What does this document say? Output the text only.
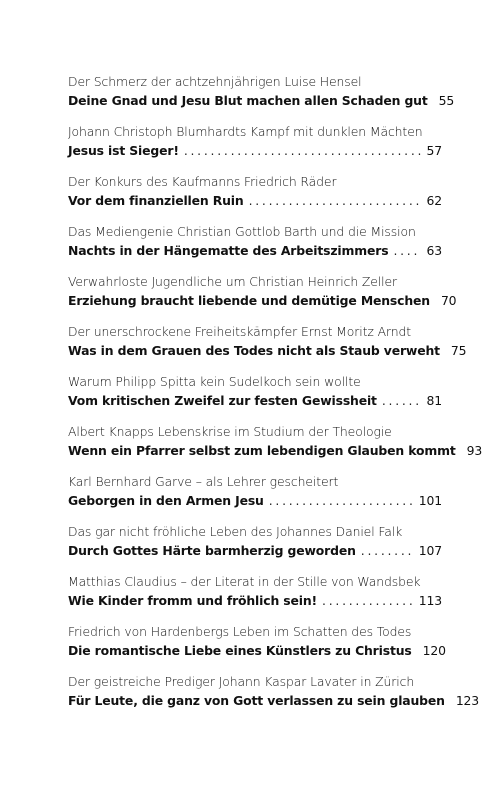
Der Schmerz der achtzehnjährigen Luise Hensel
Deine Gnad und Jesu Blut machen allen Schaden gut 55
Johann Christoph Blumhardts Kampf mit dunklen Mächten
Jesus ist Sieger! . . .	57
Der Konkurs des Kaufmanns Friedrich Räder
Vor dem finanziellen Ruin . . .	62
Das Mediengenie Christian Gottlob Barth und die Mission
Nachts in der Hängematte des Arbeitszimmers . . .	63
Verwahrloste Jugendliche um Christian Heinrich Zeller
Erziehung braucht liebende und demütige Menschen 70
Der unerschrockene Freiheitskämpfer Ernst Moritz Arndt
Was in dem Grauen des Todes nicht als Staub verweht 75
Warum Philipp Spitta kein Sudelkoch sein wollte
Vom kritischen Zweifel zur festen Gewissheit . . .	81
Albert Knapps Lebenskrise im Studium der Theologie
Wenn ein Pfarrer selbst zum lebendigen Glauben kommt 93
Karl Bernhard Garve – als Lehrer gescheitert
Geborgen in den Armen Jesu . . .	101
Das gar nicht fröhliche Leben des Johannes Daniel Falk
Durch Gottes Härte barmherzig geworden . . .	107
Matthias Claudius – der Literat in der Stille von Wandsbek
Wie Kinder fromm und fröhlich sein! . . .	113
Friedrich von Hardenbergs Leben im Schatten des Todes
Die romantische Liebe eines Künstlers zu Christus 120
Der geistreiche Prediger Johann Kaspar Lavater in Zürich
Für Leute, die ganz von Gott verlassen zu sein glauben 123
